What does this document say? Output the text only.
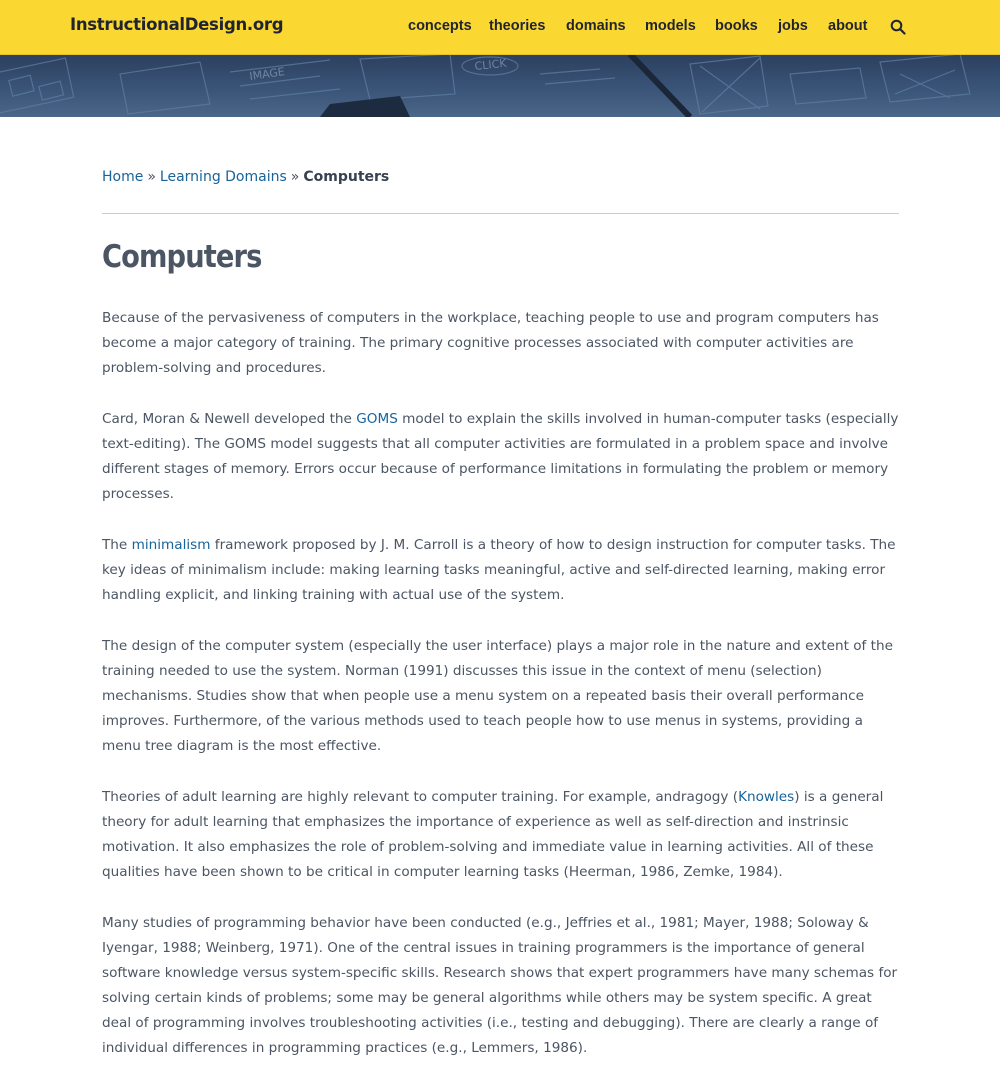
InstructionalDesign.org	concepts theories domains models books jobs about
IMAGE
CLICK
Home » Learning Domains » Computers
Computers

Because of the pervasiveness of computers in the workplace, teaching people to use and program computers has become a major category of training. The primary cognitive processes associated with computer activities are problem-solving and procedures.

Card, Moran & Newell developed the GOMS model to explain the skills involved in human-computer tasks (especially text-editing). The GOMS model suggests that all computer activities are formulated in a problem space and involve different stages of memory. Errors occur because of performance limitations in formulating the problem or memory processes.

The minimalism framework proposed by J. M. Carroll is a theory of how to design instruction for computer tasks. The key ideas of minimalism include: making learning tasks meaningful, active and self-directed learning, making error handling explicit, and linking training with actual use of the system.

The design of the computer system (especially the user interface) plays a major role in the nature and extent of the training needed to use the system. Norman (1991) discusses this issue in the context of menu (selection) mechanisms. Studies show that when people use a menu system on a repeated basis their overall performance improves. Furthermore, of the various methods used to teach people how to use menus in systems, providing a menu tree diagram is the most effective.

Theories of adult learning are highly relevant to computer training. For example, andragogy (Knowles) is a general theory for adult learning that emphasizes the importance of experience as well as self-direction and instrinsic motivation. It also emphasizes the role of problem-solving and immediate value in learning activities. All of these qualities have been shown to be critical in computer learning tasks (Heerman, 1986, Zemke, 1984).

Many studies of programming behavior have been conducted (e.g., Jeffries et al., 1981; Mayer, 1988; Soloway & Iyengar, 1988; Weinberg, 1971). One of the central issues in training programmers is the importance of general software knowledge versus system-specific skills. Research shows that expert programmers have many schemas for solving certain kinds of problems; some may be general algorithms while others may be system specific. A great deal of programming involves troubleshooting activities (i.e., testing and debugging). There are clearly a range of individual differences in programming practices (e.g., Lemmers, 1986).
